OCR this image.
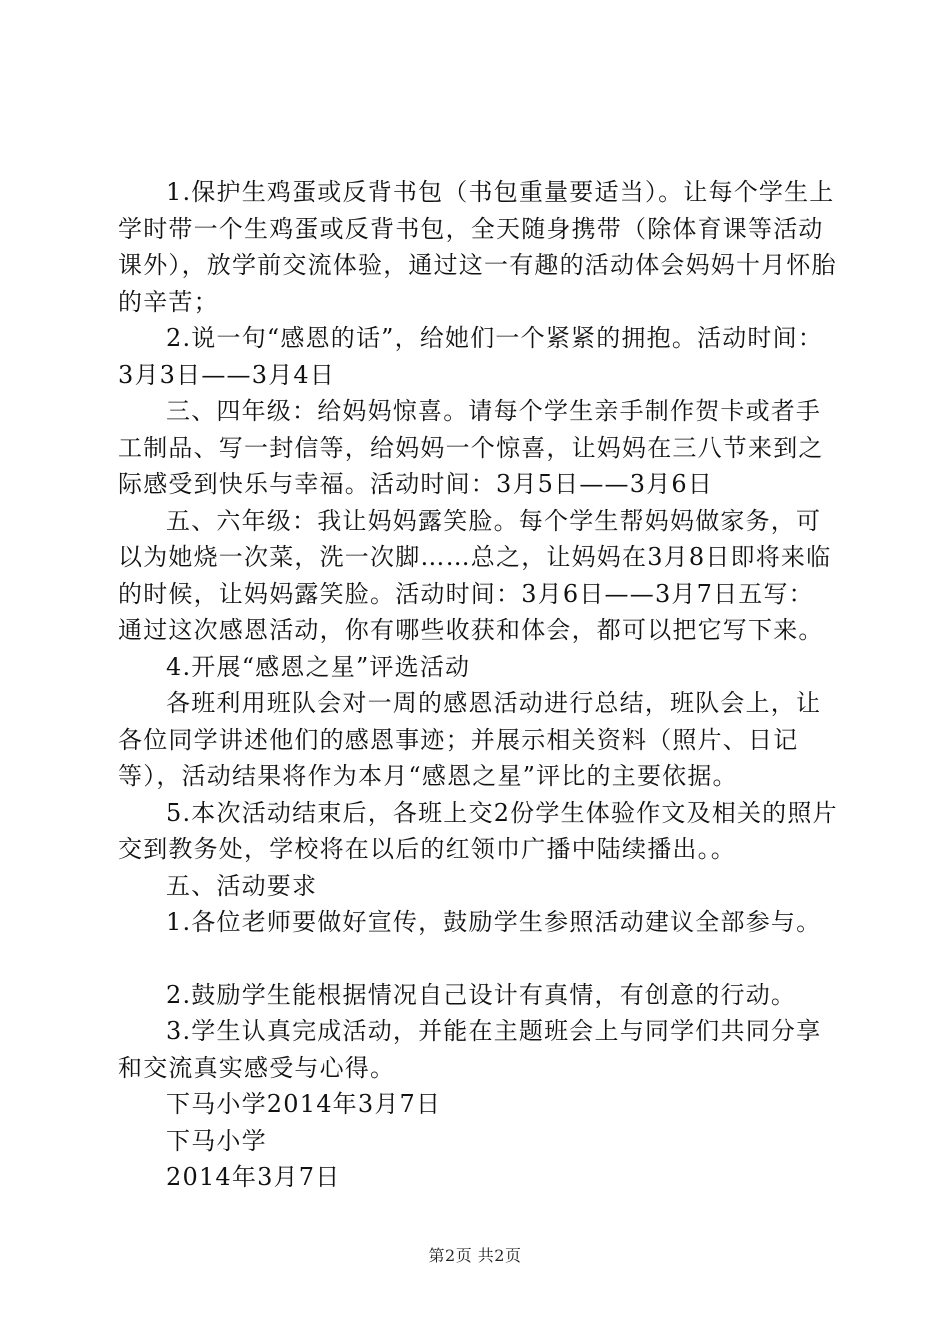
1.保护生鸡蛋或反背书包（书包重量要适当）。让每个学生上学时带一个生鸡蛋或反背书包，全天随身携带（除体育课等活动课外），放学前交流体验，通过这一有趣的活动体会妈妈十月怀胎的辛苦；

2.说一句“感恩的话”，给她们一个紧紧的拥抱。活动时间：3月3日——3月4日

三、四年级：给妈妈惊喜。请每个学生亲手制作贺卡或者手工制品、写一封信等，给妈妈一个惊喜，让妈妈在三八节来到之际感受到快乐与幸福。活动时间：3月5日——3月6日

五、六年级：我让妈妈露笑脸。每个学生帮妈妈做家务，可以为她烧一次菜，洗一次脚……总之，让妈妈在3月8日即将来临的时候，让妈妈露笑脸。活动时间：3月6日——3月7日五写：通过这次感恩活动，你有哪些收获和体会，都可以把它写下来。

4.开展“感恩之星”评选活动

各班利用班队会对一周的感恩活动进行总结，班队会上，让各位同学讲述他们的感恩事迹；并展示相关资料（照片、日记等），活动结果将作为本月“感恩之星”评比的主要依据。

5.本次活动结束后，各班上交2份学生体验作文及相关的照片交到教务处，学校将在以后的红领巾广播中陆续播出。。

五、活动要求

1.各位老师要做好宣传，鼓励学生参照活动建议全部参与。

2.鼓励学生能根据情况自己设计有真情，有创意的行动。

3.学生认真完成活动，并能在主题班会上与同学们共同分享和交流真实感受与心得。

下马小学2014年3月7日

下马小学

2014年3月7日

第2页 共2页
